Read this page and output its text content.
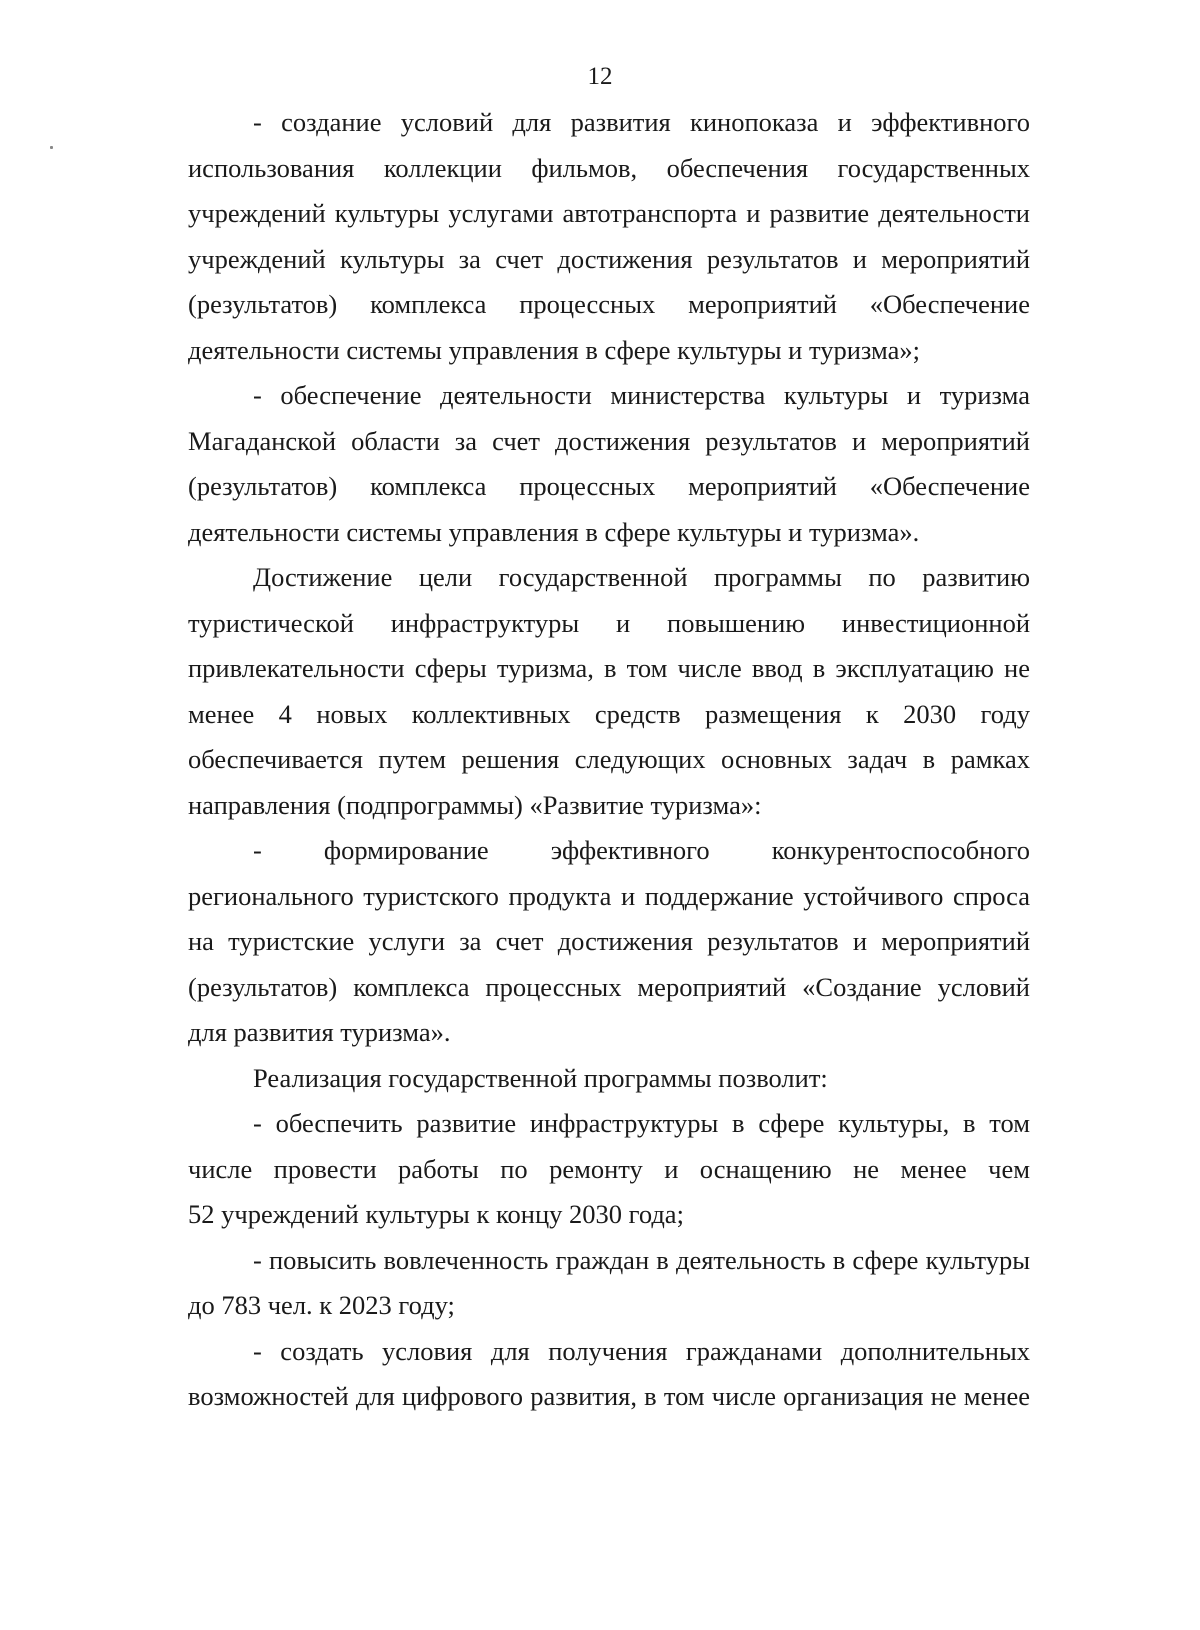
12
- создание условий для развития кинопоказа и эффективного
использования коллекции фильмов, обеспечения государственных
учреждений культуры услугами автотранспорта и развитие деятельности
учреждений культуры за счет достижения результатов и мероприятий
(результатов) комплекса процессных мероприятий «Обеспечение
деятельности системы управления в сфере культуры и туризма»;
- обеспечение деятельности министерства культуры и туризма
Магаданской области за счет достижения результатов и мероприятий
(результатов) комплекса процессных мероприятий «Обеспечение
деятельности системы управления в сфере культуры и туризма».
Достижение цели государственной программы по развитию
туристической инфраструктуры и повышению инвестиционной
привлекательности сферы туризма, в том числе ввод в эксплуатацию не
менее 4 новых коллективных средств размещения к 2030 году
обеспечивается путем решения следующих основных задач в рамках
направления (подпрограммы) «Развитие туризма»:
- формирование эффективного конкурентоспособного
регионального туристского продукта и поддержание устойчивого спроса
на туристские услуги за счет достижения результатов и мероприятий
(результатов) комплекса процессных мероприятий «Создание условий
для развития туризма».
Реализация государственной программы позволит:
- обеспечить развитие инфраструктуры в сфере культуры, в том
числе провести работы по ремонту и оснащению не менее чем
52 учреждений культуры к концу 2030 года;
- повысить вовлеченность граждан в деятельность в сфере культуры
до 783 чел. к 2023 году;
- создать условия для получения гражданами дополнительных
возможностей для цифрового развития, в том числе организация не менее
